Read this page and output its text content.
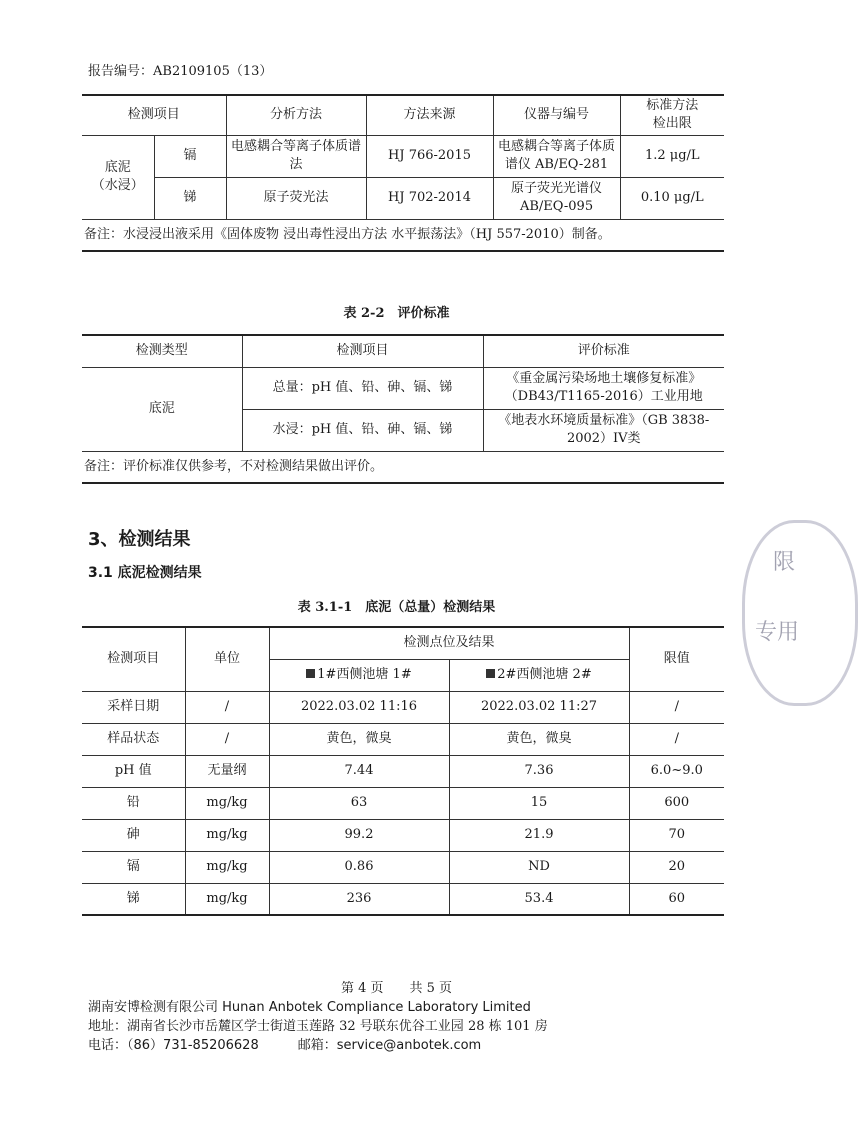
报告编号：AB2109105（13）
检测项目		分析方法	方法来源	仪器与编号	标准方法
检出限
底泥
（水浸）	镉	电感耦合等离子体质谱法	HJ 766-2015	电感耦合等离子体质谱仪 AB/EQ-281	1.2 μg/L
	锑	原子荧光法	HJ 702-2014	原子荧光光谱仪 AB/EQ-095	0.10 μg/L
备注：水浸浸出液采用《固体废物 浸出毒性浸出方法 水平振荡法》（HJ 557-2010）制备。					
表 2-2　评价标准
检测类型	检测项目	评价标准
底泥	总量：pH 值、铅、砷、镉、锑	《重金属污染场地土壤修复标准》（DB43/T1165-2016）工业用地
	水浸：pH 值、铅、砷、镉、锑	《地表水环境质量标准》（GB 3838-2002）IV类
备注：评价标准仅供参考，不对检测结果做出评价。		
3、检测结果
3.1 底泥检测结果
表 3.1-1　底泥（总量）检测结果
检测项目	单位	检测点位及结果		限值
		1#西侧池塘 1#	2#西侧池塘 2#	
采样日期	/	2022.03.02 11:16	2022.03.02 11:27	/
样品状态	/	黄色，微臭	黄色，微臭	/
pH 值	无量纲	7.44	7.36	6.0~9.0
铅	mg/kg	63	15	600
砷	mg/kg	99.2	21.9	70
镉	mg/kg	0.86	ND	20
锑	mg/kg	236	53.4	60
第 4 页　　共 5 页
湖南安博检测有限公司 Hunan Anbotek Compliance Laboratory Limited
地址：湖南省长沙市岳麓区学士街道玉莲路 32 号联东优谷工业园 28 栋 101 房
电话：（86）731-85206628　　　邮箱：service@anbotek.com
限
专用
